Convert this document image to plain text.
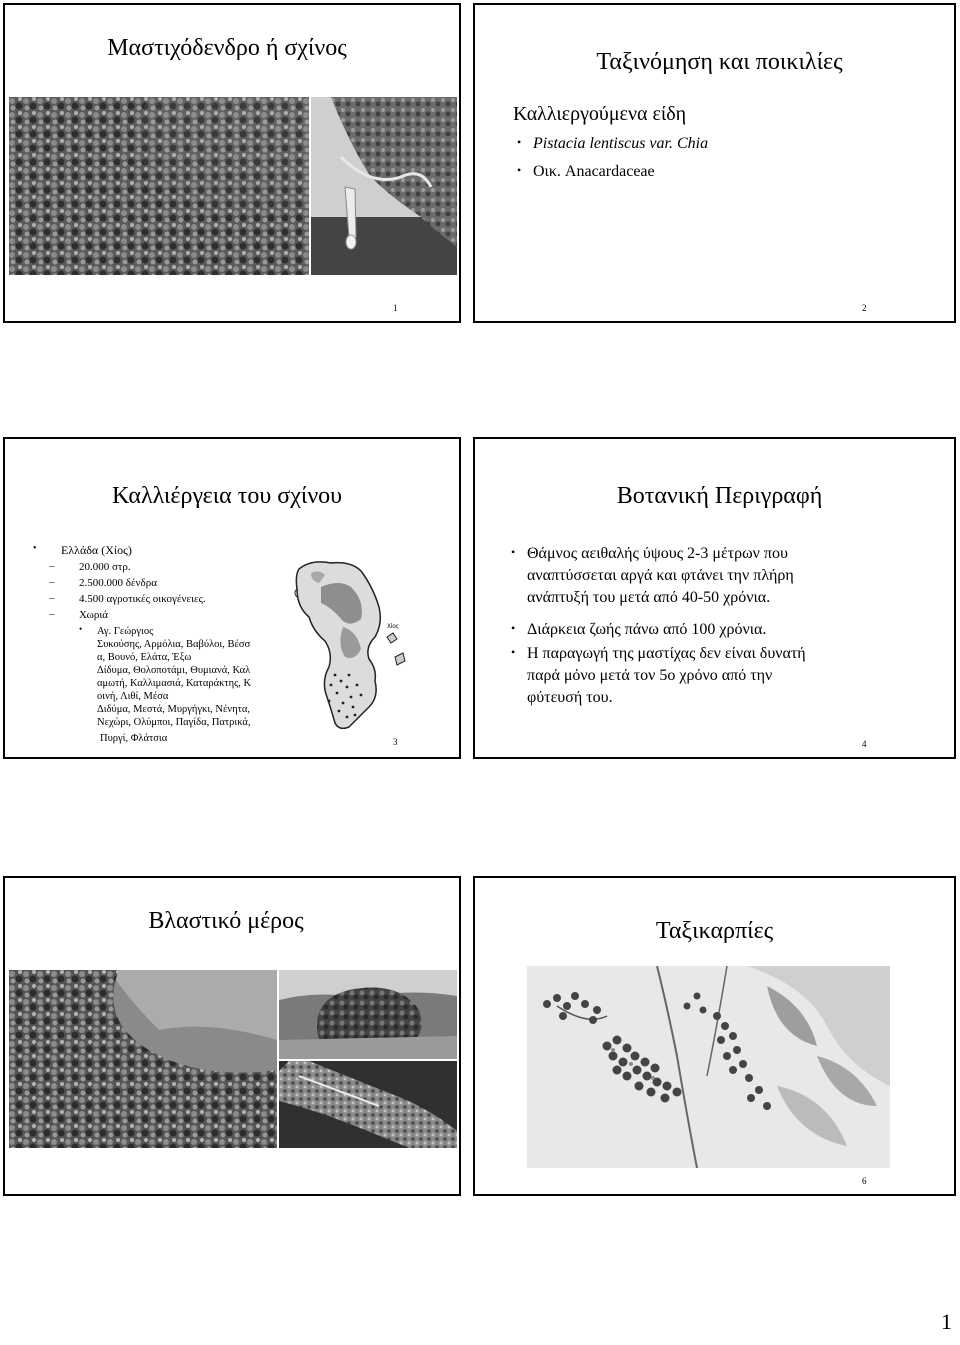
Μαστιχόδενδρο ή σχίνος
1
Ταξινόμηση και ποικιλίες
Καλλιεργούμενα είδη
• Pistacia lentiscus var. Chia
• Οικ. Anacardaceae
2
Καλλιέργεια του σχίνου
• Ελλάδα (Χίος)
– 20.000 στρ.
– 2.500.000 δένδρα
– 4.500 αγροτικές οικογένειες.
– Χωριά
• Αγ. Γεώργιος
Συκούσης, Αρμόλια, Βαβύλοι, Βέσσ
α, Βουνό, Ελάτα, Έξω
Δίδυμα, Θολοποτάμι, Θυμιανά, Καλ
αμωτή, Καλλιμασιά, Καταράκτης, Κ
οινή, Λιθί, Μέσα
Διδύμα, Μεστά, Μυργήγκι, Νένητα,
Νεχώρι, Ολύμποι, Παγίδα, Πατρικά,
Πυργί, Φλάτσια
Χίος
3
Βοτανική Περιγραφή
• Θάμνος αειθαλής ύψους 2-3 μέτρων που
αναπτύσσεται αργά και φτάνει την πλήρη
ανάπτυξή του μετά από 40-50 χρόνια.
• Διάρκεια ζωής πάνω από 100 χρόνια.
• Η παραγωγή της μαστίχας δεν είναι δυνατή
παρά μόνο μετά τον 5ο χρόνο από την
φύτευσή του.
4
Βλαστικό μέρος	Ταξικαρπίες
6
1
